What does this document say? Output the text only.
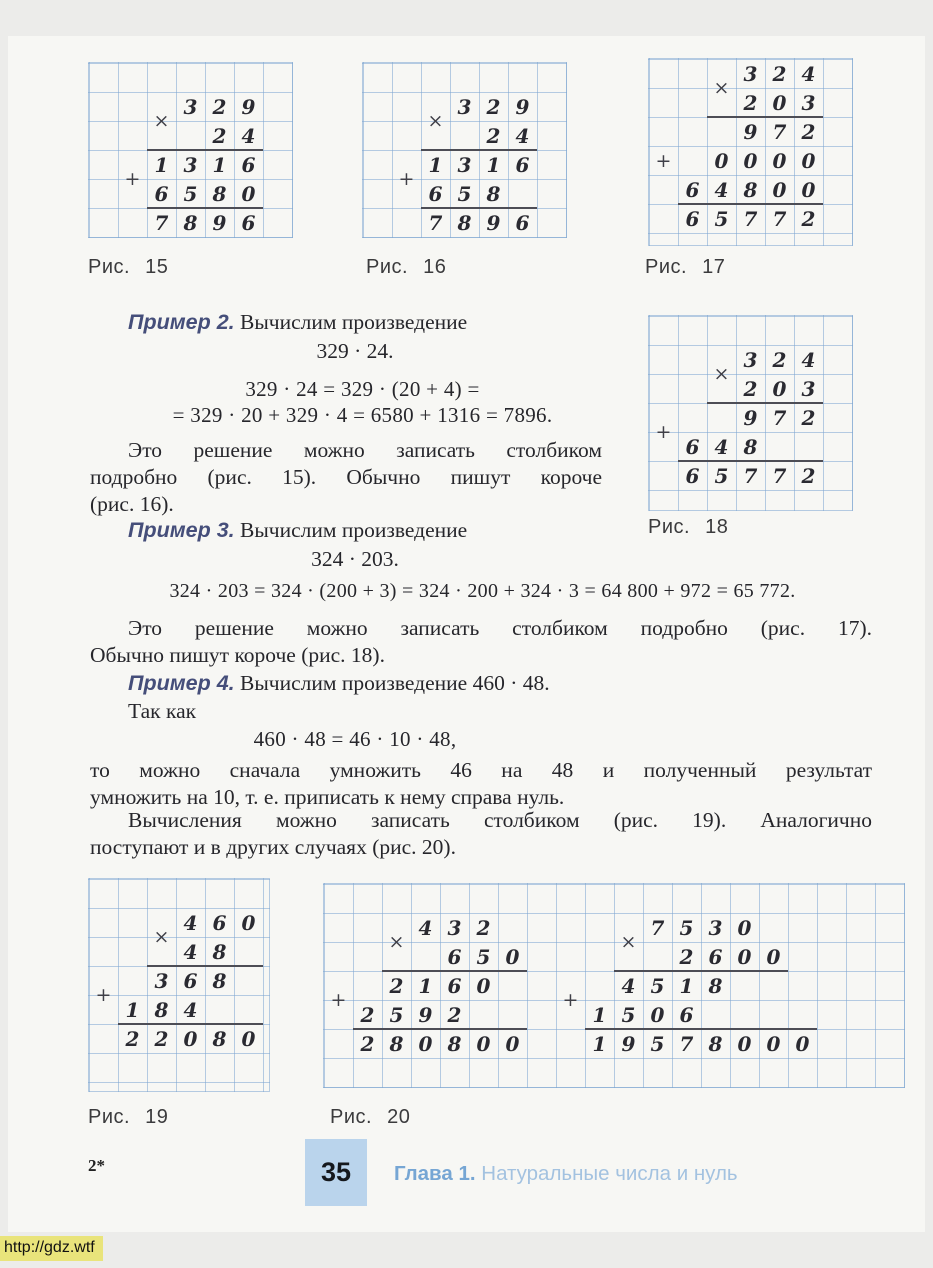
Пример 2. Вычислим произведение
329 · 24.
329 · 24 = 329 · (20 + 4) =
= 329 · 20 + 329 · 4 = 6580 + 1316 = 7896.
Это решение можно записать столбиком
подробно (рис. 15). Обычно пишут короче
(рис. 16).
Пример 3. Вычислим произведение
324 · 203.
324 · 203 = 324 · (200 + 3) = 324 · 200 + 324 · 3 = 64 800 + 972 = 65 772.
Это решение можно записать столбиком подробно (рис. 17).
Обычно пишут короче (рис. 18).
Пример 4. Вычислим произведение 460 · 48.
Так как
460 · 48 = 46 · 10 · 48,
то можно сначала умножить 46 на 48 и полученный результат
умножить на 10, т. е. приписать к нему справа нуль.
Вычисления можно записать столбиком (рис. 19). Аналогично
поступают и в других случаях (рис. 20).
2*	35 Глава 1. Натуральные числа и нуль
http://gdz.wtf
3 2 9
2 4
1 3 1 6
6 5 8 0
7 8 9 6
×
+
Рис. 15
3 2 9
2 4
1 3 1 6
6 5 8
7 8 9 6
×
+
Рис. 16
3 2 4
2 0 3
9 7 2
0 0 0 0
6 4 8 0 0
6 5 7 7 2
×
+
Рис. 17
3 2 4
2 0 3
9 7 2
6 4 8
6 5 7 7 2
×
+
Рис. 18
4 6 0
4 8
3 6 8
1 8 4
2 2 0 8 0
×
+
Рис. 19
4 3 2
6 5 0
2 1 6 0
2 5 9 2
2 8 0 8 0 0
7 5 3 0
2 6 0 0
4 5 1 8
1 5 0 6
1 9 5 7 8 0 0 0
×
+
×
+
Рис. 20
